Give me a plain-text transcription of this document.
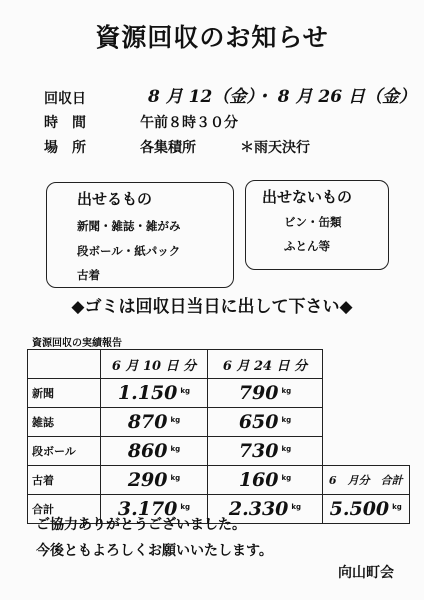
資源回収のお知らせ
回収日	8 月 12（金）・ 8 月 26 日（金）
時　間	午前８時３０分
場　所	各集積所	＊雨天決行
出せるもの
新聞・雑誌・雑がみ
段ボール・紙パック
古着
出せないもの
ビン・缶類
ふとん等
◆ゴミは回収日当日に出して下さい◆
資源回収の実績報告
	6 月 10 日 分	6 月 24 日 分	
新聞	1.150 $^{kg}$	790 $^{kg}$	
雑誌	870 $^{kg}$	650 $^{kg}$	
段ボール	860 $^{kg}$	730 $^{kg}$	
古着	290 $^{kg}$	160 $^{kg}$	6　月分　合計
合計	3.170 $^{kg}$	2.330 $^{kg}$	5.500 $^{kg}$
ご協力ありがとうございました。
今後ともよろしくお願いいたします。
向山町会
